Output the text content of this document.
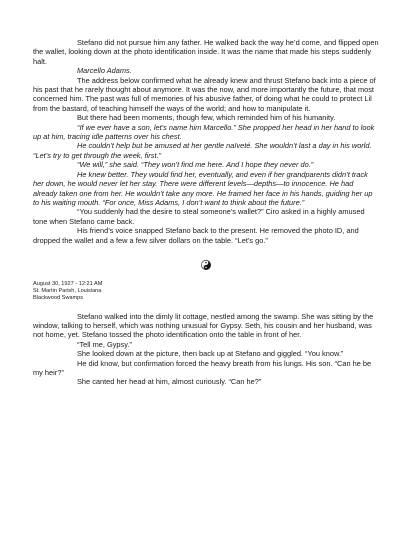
Stefano did not pursue him any father. He walked back the way he’d come, and flipped open the wallet, looking down at the photo identification inside. It was the name that made his steps suddenly halt.

Marcello Adams.

The address below confirmed what he already knew and thrust Stefano back into a piece of his past that he rarely thought about anymore. It was the now, and more importantly the future, that most concerned him. The past was full of memories of his abusive father, of doing what he could to protect Lil from the bastard, of teaching himself the ways of the world; and how to manipulate it.

But there had been moments, though few, which reminded him of his humanity.

“If we ever have a son, let’s name him Marcello.” She propped her head in her hand to look up at him, tracing idle patterns over his chest.

He couldn’t help but be amused at her gentle naïveté. She wouldn’t last a day in his world. “Let’s try to get through the week, first.”

“We will,” she said. “They won’t find me here. And I hope they never do.”

He knew better. They would find her, eventually, and even if her grandparents didn’t track her down, he would never let her stay. There were different levels—depths—to innocence. He had already taken one from her. He wouldn’t take any more. He framed her face in his hands, guiding her up to his waiting mouth. “For once, Miss Adams, I don’t want to think about the future.”

“You suddenly had the desire to steal someone’s wallet?” Ciro asked in a highly amused tone when Stefano came back.

His friend’s voice snapped Stefano back to the present. He removed the photo ID, and dropped the wallet and a few a few silver dollars on the table. “Let’s go.”

August 30, 1927 - 12:21 AM

St. Martin Parish, Louisiana

Blackwood Swamps

Stefano walked into the dimly lit cottage, nestled among the swamp. She was sitting by the window, talking to herself, which was nothing unusual for Gypsy. Seth, his cousin and her husband, was not home, yet. Stefano tossed the photo identification onto the table in front of her.

“Tell me, Gypsy.”

She looked down at the picture, then back up at Stefano and giggled. “You know.”

He did know, but confirmation forced the heavy breath from his lungs. His son. “Can he be my heir?”

She canted her head at him, almost curiously. “Can he?”
